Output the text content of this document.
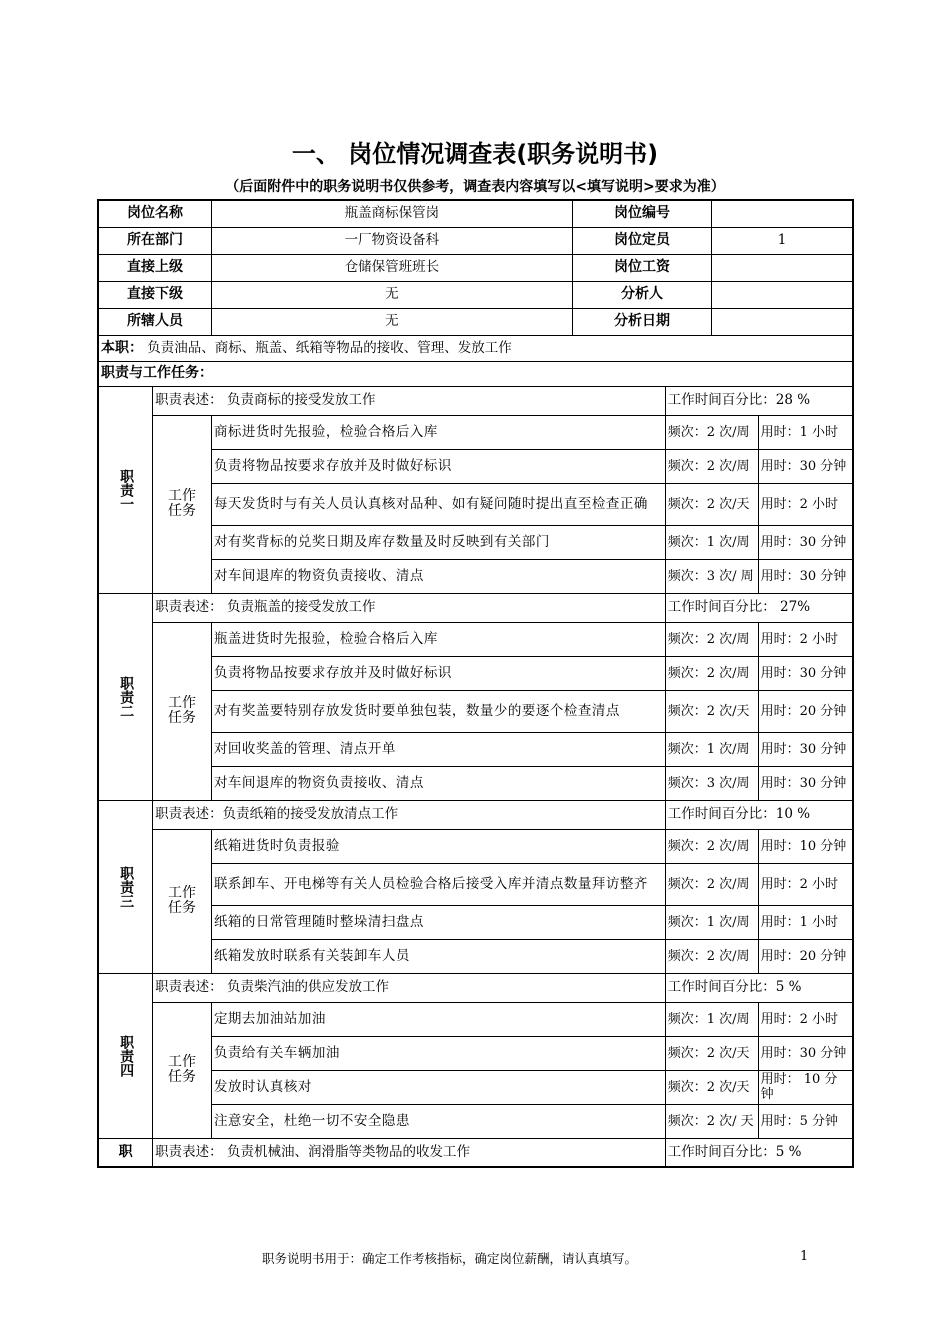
一、 岗位情况调查表(职务说明书)
（后面附件中的职务说明书仅供参考，调查表内容填写以<填写说明>要求为准）
岗位名称		瓶盖商标保管岗	岗位编号			
所在部门		一厂物资设备科	岗位定员		1	
直接上级		仓储保管班班长	岗位工资			
直接下级		无	分析人			
所辖人员		无	分析日期			
本职： 负责油品、商标、瓶盖、纸箱等物品的接收、管理、发放工作						
职责与工作任务：						
职责一	职责表述： 负责商标的接受发放工作			工作时间百分比：28 %		
	工作任务	商标进货时先报验，检验合格后入库		频次：2 次/周		用时：1 小时
		负责将物品按要求存放并及时做好标识		频次：2 次/周		用时：30 分钟
		每天发货时与有关人员认真核对品种、如有疑问随时提出直至检查正确		频次：2 次/天		用时：2 小时
		对有奖背标的兑奖日期及库存数量及时反映到有关部门		频次：1 次/周		用时：30 分钟
		对车间退库的物资负责接收、清点		频次：3 次/ 周		用时：30 分钟
职责二	职责表述： 负责瓶盖的接受发放工作			工作时间百分比： 27%		
	工作任务	瓶盖进货时先报验，检验合格后入库		频次：2 次/周		用时：2 小时
		负责将物品按要求存放并及时做好标识		频次：2 次/周		用时：30 分钟
		对有奖盖要特别存放发货时要单独包装，数量少的要逐个检查清点		频次：2 次/天		用时：20 分钟
		对回收奖盖的管理、清点开单		频次：1 次/周		用时：30 分钟
		对车间退库的物资负责接收、清点		频次：3 次/周		用时：30 分钟
职责三	职责表述：负责纸箱的接受发放清点工作			工作时间百分比：10 %		
	工作任务	纸箱进货时负责报验		频次：2 次/周		用时：10 分钟
		联系卸车、开电梯等有关人员检验合格后接受入库并清点数量拜访整齐		频次：2 次/周		用时：2 小时
		纸箱的日常管理随时整垛清扫盘点		频次：1 次/周		用时：1 小时
		纸箱发放时联系有关装卸车人员		频次：2 次/周		用时：20 分钟
职责四	职责表述： 负责柴汽油的供应发放工作			工作时间百分比：5 %		
	工作任务	定期去加油站加油		频次：1 次/周		用时：2 小时
		负责给有关车辆加油		频次：2 次/天		用时：30 分钟
		发放时认真核对		频次：2 次/天		用时： 10 分钟
		注意安全，杜绝一切不安全隐患		频次：2 次/ 天		用时：5 分钟
职	职责表述： 负责机械油、润滑脂等类物品的收发工作			工作时间百分比：5 %		
职务说明书用于：确定工作考核指标，确定岗位薪酬，请认真填写。	1
